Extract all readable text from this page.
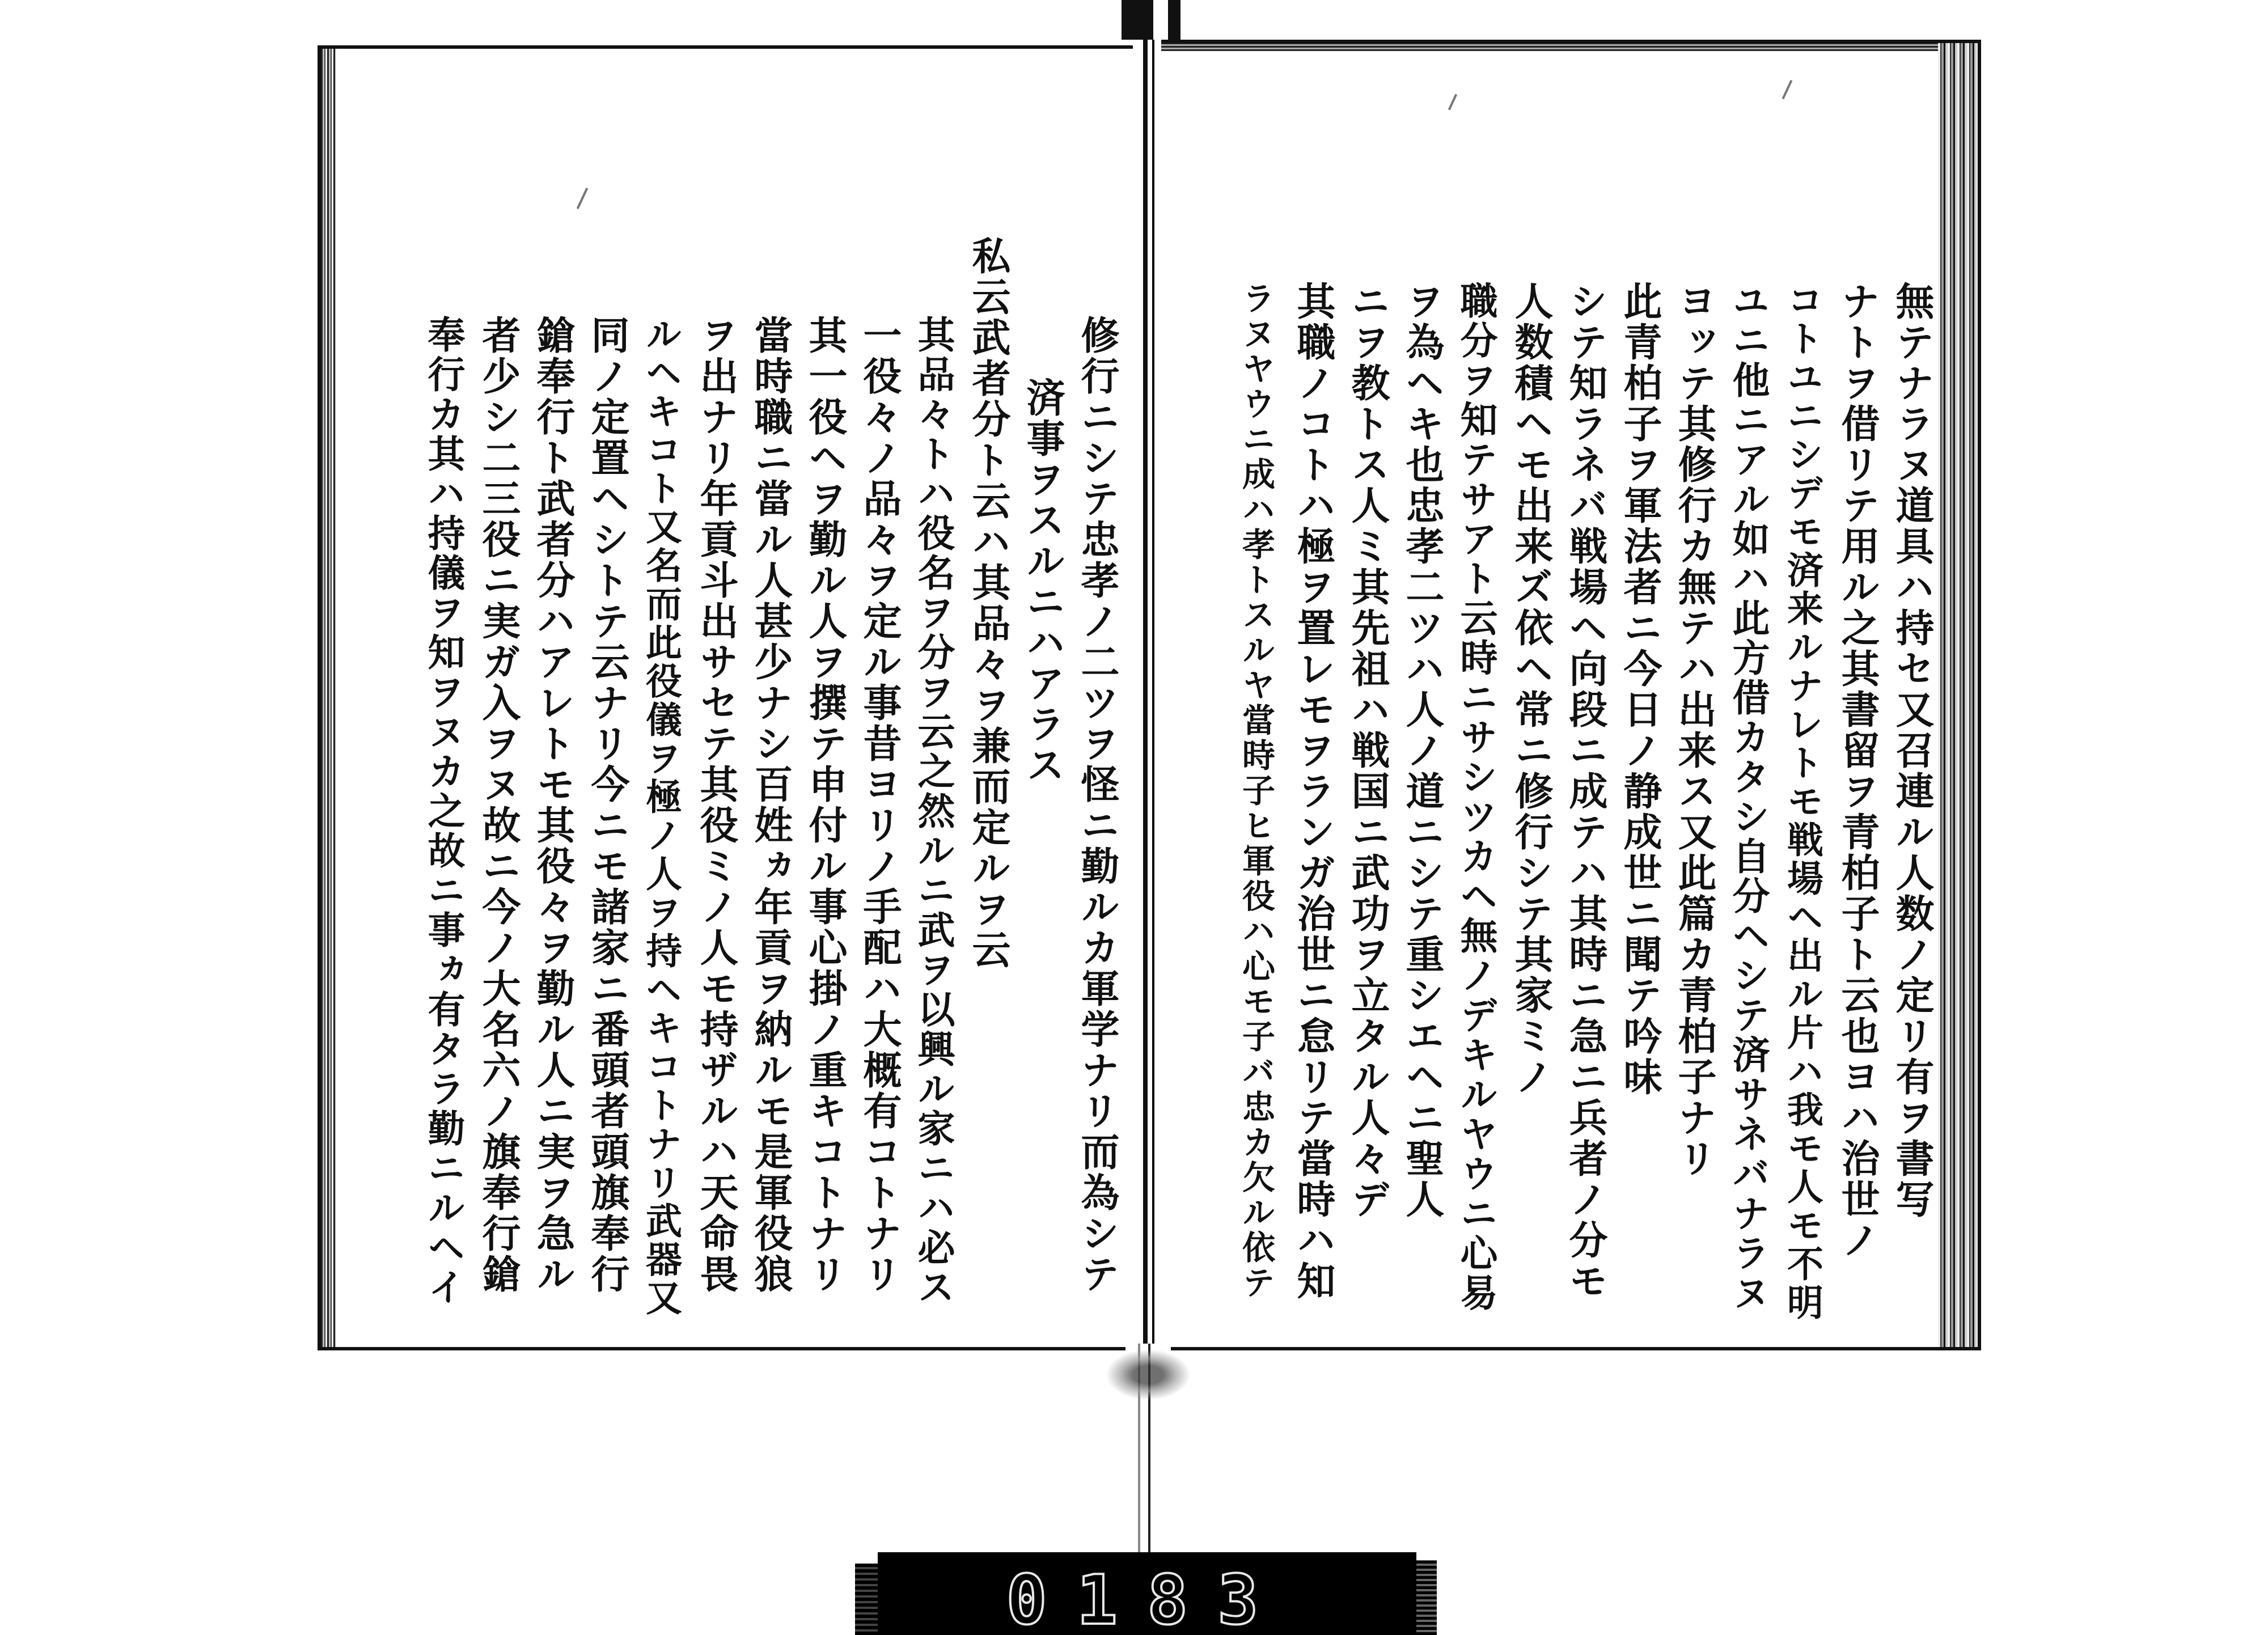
修行ニシテ忠孝ノ二ツヲ怪ニ勤ルカ軍学ナリ而為シテ
済事ヲスルニハアラス
私云武者分ト云ハ其品々ヲ兼而定ルヲ云
其品々トハ役名ヲ分ヲ云之然ルニ武ヲ以興ル家ニハ必ス
一役々ノ品々ヲ定ル事昔ヨリノ手配ハ大概有コトナリ
其一役ヘヲ勤ル人ヲ撰テ申付ル事心掛ノ重キコトナリ
當時職ニ當ル人甚少ナシ百姓ヵ年貢ヲ納ルモ是軍役狼
ヲ出ナリ年貢斗出サセテ其役ミノ人モ持ザルハ天命畏
ルヘキコト又名而此役儀ヲ極ノ人ヲ持ヘキコトナリ武器又
同ノ定置ヘシトテ云ナリ今ニモ諸家ニ番頭者頭旗奉行
鎗奉行ト武者分ハアレトモ其役々ヲ勤ル人ニ実ヲ急ル
者少シ二三役ニ実ガ入ヲヌ故ニ今ノ大名六ノ旗奉行鎗
奉行カ其ハ持儀ヲ知ヲヌカ之故ニ事ヵ有タラ勤ニルヘイ	無テナラヌ道具ハ持セ又召連ル人数ノ定リ有ヲ書写
ナトヲ借リテ用ル之其書留ヲ青柏子ト云也ヨハ治世ノ
コトユニシデモ済来ルナレトモ戦場ヘ出ル片ハ我モ人モ不明
ユニ他ニアル如ハ此方借カタシ自分ヘシテ済サネバナラヌ
ヨッテ其修行カ無テハ出来ス又此篇カ青柏子ナリ
此青柏子ヲ軍法者ニ今日ノ静成世ニ聞テ吟味
シテ知ラネバ戦場ヘ向段ニ成テハ其時ニ急ニ兵者ノ分モ
人数積ヘモ出来ズ依ヘ常ニ修行シテ其家ミノ
職分ヲ知テサアト云時ニサシツカヘ無ノデキルヤウニ心易
ヲ為ヘキ也忠孝二ツハ人ノ道ニシテ重シエヘニ聖人
ニヲ教トス人ミ其先祖ハ戦国ニ武功ヲ立タル人々デ
其職ノコトハ極ヲ置レモヲランガ治世ニ怠リテ當時ハ知
ラヌヤウニ成ハ孝トスルヤ當時子ヒ軍役ハ心モ子バ忠カ欠ル依テ
0183
